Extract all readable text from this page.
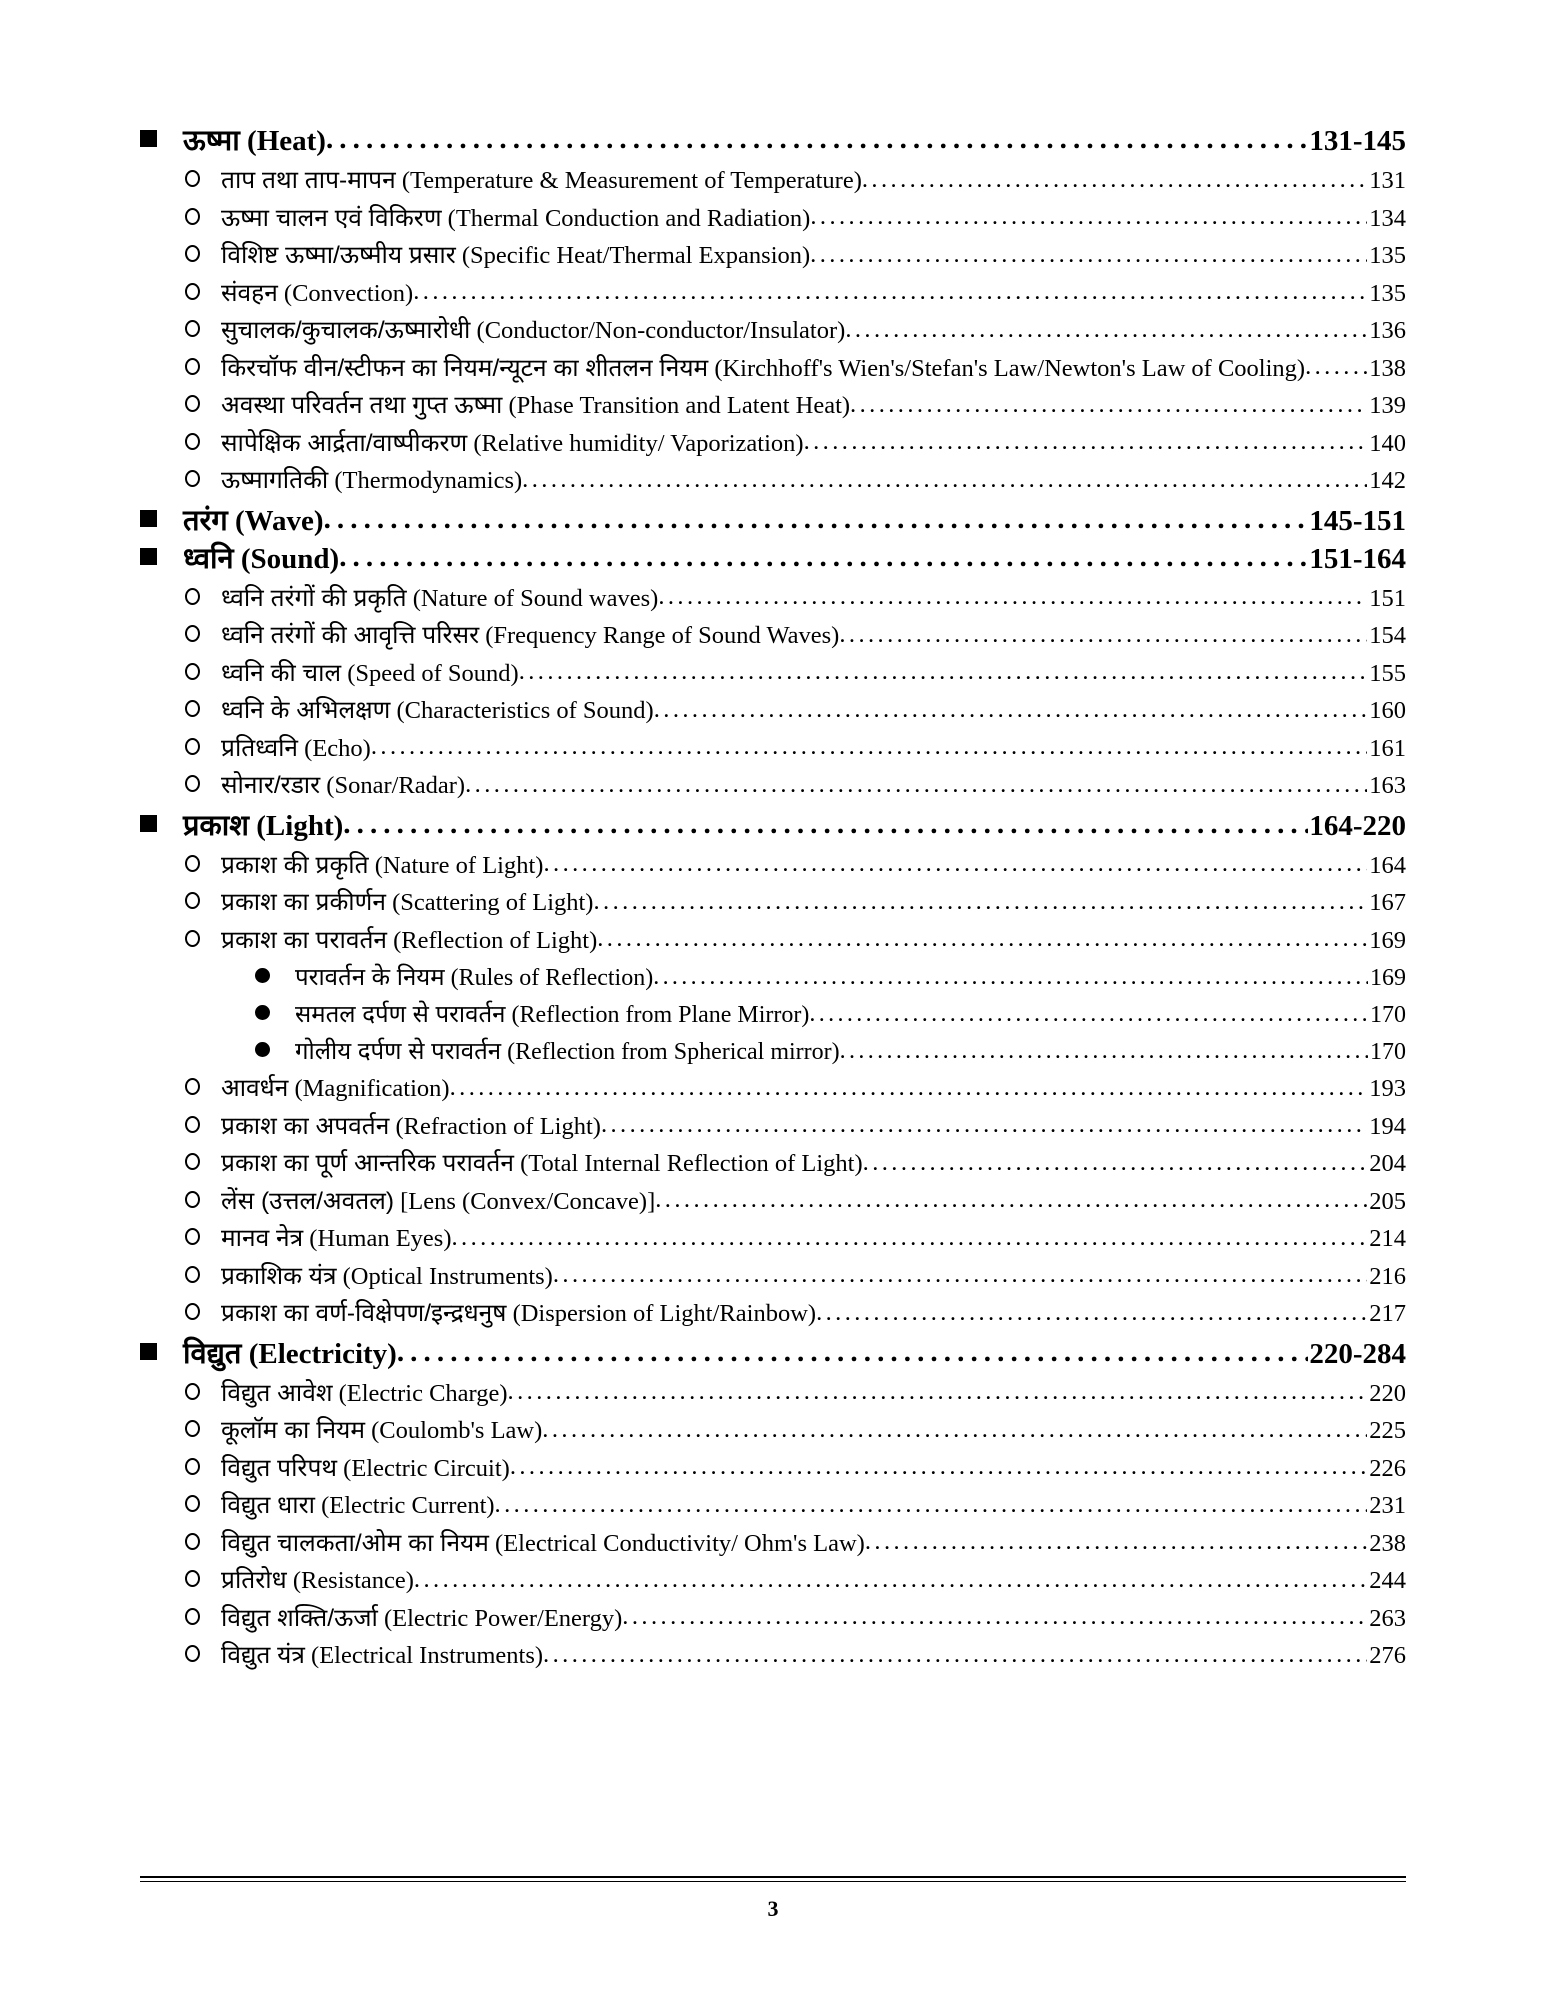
ऊष्मा (Heat) . . .	131-145
ताप तथा ताप-मापन (Temperature & Measurement of Temperature) . . .	131
ऊष्मा चालन एवं विकिरण (Thermal Conduction and Radiation) . . .	134
विशिष्ट ऊष्मा/ऊष्मीय प्रसार (Specific Heat/Thermal Expansion) . . .	135
संवहन (Convection) . . .	135
सुचालक/कुचालक/ऊष्मारोधी (Conductor/Non-conductor/Insulator) . . .	136
किरचॉफ वीन/स्टीफन का नियम/न्यूटन का शीतलन नियम (Kirchhoff's Wien's/Stefan's Law/Newton's Law of Cooling) . . .	138
अवस्था परिवर्तन तथा गुप्त ऊष्मा (Phase Transition and Latent Heat) . . .	139
सापेक्षिक आर्द्रता/वाष्पीकरण (Relative humidity/ Vaporization) . . .	140
ऊष्मागतिकी (Thermodynamics) . . .	142
तरंग (Wave) . . .	145-151
ध्वनि (Sound) . . .	151-164
ध्वनि तरंगों की प्रकृति (Nature of Sound waves) . . .	151
ध्वनि तरंगों की आवृत्ति परिसर (Frequency Range of Sound Waves) . . .	154
ध्वनि की चाल (Speed of Sound) . . .	155
ध्वनि के अभिलक्षण (Characteristics of Sound) . . .	160
प्रतिध्वनि (Echo) . . .	161
सोनार/रडार (Sonar/Radar) . . .	163
प्रकाश (Light) . . .	164-220
प्रकाश की प्रकृति (Nature of Light) . . .	164
प्रकाश का प्रकीर्णन (Scattering of Light) . . .	167
प्रकाश का परावर्तन (Reflection of Light) . . .	169
परावर्तन के नियम (Rules of Reflection) . . .	169
समतल दर्पण से परावर्तन (Reflection from Plane Mirror) . . .	170
गोलीय दर्पण से परावर्तन (Reflection from Spherical mirror) . . .	170
आवर्धन (Magnification) . . .	193
प्रकाश का अपवर्तन (Refraction of Light) . . .	194
प्रकाश का पूर्ण आन्तरिक परावर्तन (Total Internal Reflection of Light) . . .	204
लेंस (उत्तल/अवतल) [Lens (Convex/Concave)] . . .	205
मानव नेत्र (Human Eyes) . . .	214
प्रकाशिक यंत्र (Optical Instruments) . . .	216
प्रकाश का वर्ण-विक्षेपण/इन्द्रधनुष (Dispersion of Light/Rainbow) . . .	217
विद्युत (Electricity) . . .	220-284
विद्युत आवेश (Electric Charge) . . .	220
कूलॉम का नियम (Coulomb's Law) . . .	225
विद्युत परिपथ (Electric Circuit) . . .	226
विद्युत धारा (Electric Current) . . .	231
विद्युत चालकता/ओम का नियम (Electrical Conductivity/ Ohm's Law) . . .	238
प्रतिरोध (Resistance) . . .	244
विद्युत शक्ति/ऊर्जा (Electric Power/Energy) . . .	263
विद्युत यंत्र (Electrical Instruments) . . .	276
3
